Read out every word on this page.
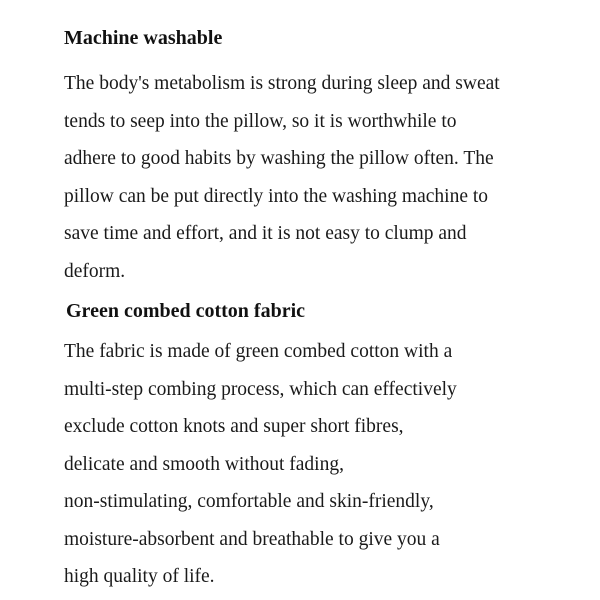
Machine washable

The body's metabolism is strong during sleep and sweat

tends to seep into the pillow, so it is worthwhile to

adhere to good habits by washing the pillow often. The

pillow can be put directly into the washing machine to

save time and effort, and it is not easy to clump and

deform.

Green combed cotton fabric

The fabric is made of green combed cotton with a

multi-step combing process, which can effectively

exclude cotton knots and super short fibres,

delicate and smooth without fading,

non-stimulating, comfortable and skin-friendly,

moisture-absorbent and breathable to give you a

high quality of life.
